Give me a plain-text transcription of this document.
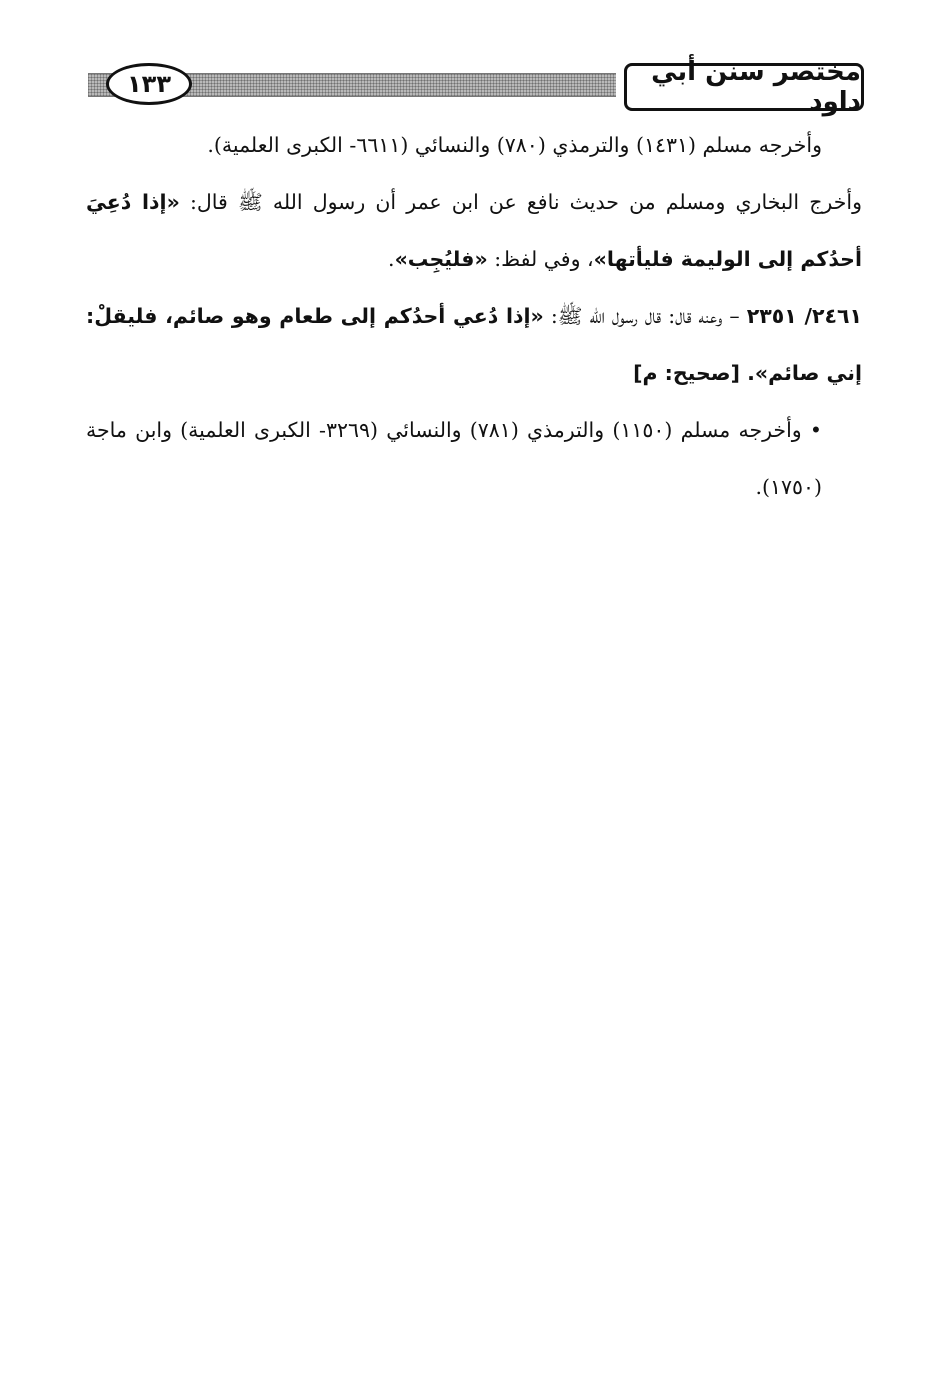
١٣٣	مختصر سنن أبي داود

وأخرجه مسلم (١٤٣١) والترمذي (٧٨٠) والنسائي (٦٦١١- الكبرى العلمية).

وأخرج البخاري ومسلم من حديث نافع عن ابن عمر أن رسول الله ﷺ قال: «إذا دُعِيَ أحدُكم إلى الوليمة فليأتها»، وفي لفظ: «فليُجِب».

٢٤٦١/ ٢٣٥١ – وعنه قال: قال رسول الله ﷺ: «إذا دُعي أحدُكم إلى طعام وهو صائم، فليقلْ: إني صائم». [صحيح: م]

• وأخرجه مسلم (١١٥٠) والترمذي (٧٨١) والنسائي (٣٢٦٩- الكبرى العلمية) وابن ماجة (١٧٥٠).
